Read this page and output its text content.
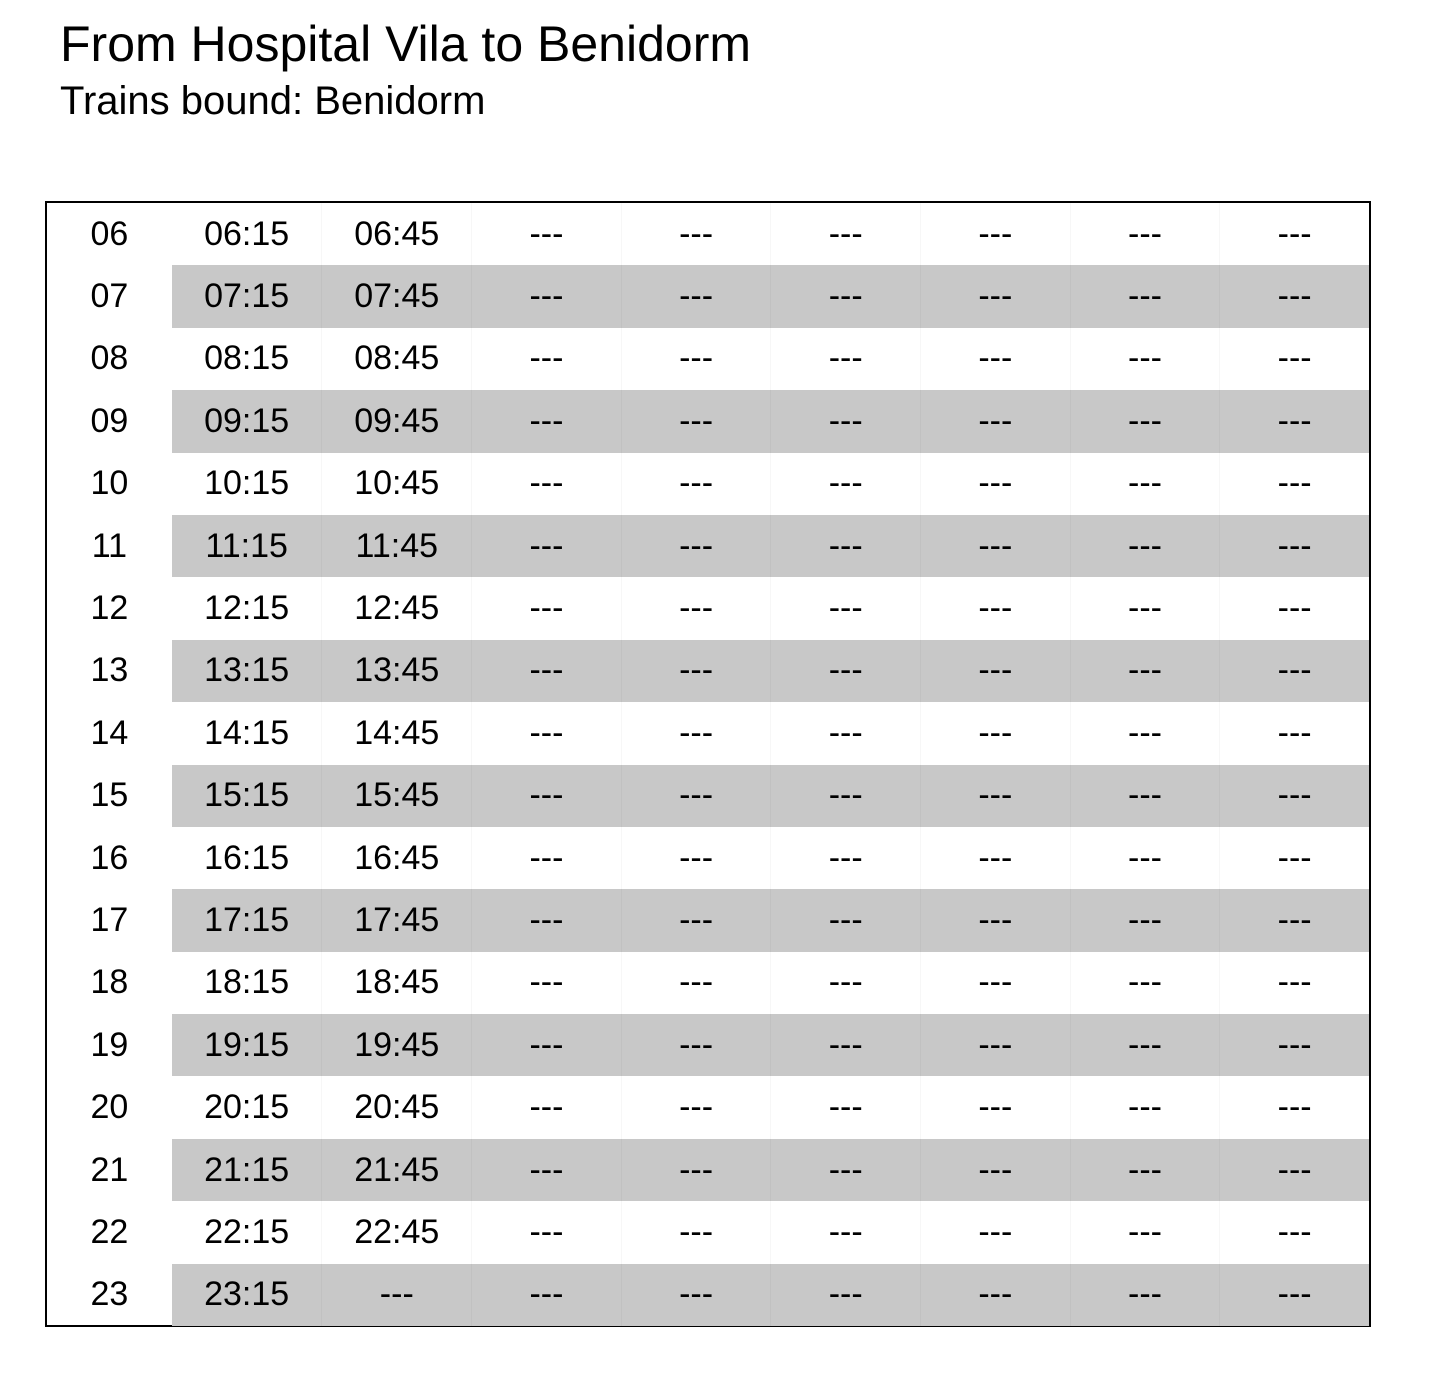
From Hospital Vila to Benidorm
Trains bound: Benidorm
06	06:15	06:45	---	---	---	---	---	---
07	07:15	07:45	---	---	---	---	---	---
08	08:15	08:45	---	---	---	---	---	---
09	09:15	09:45	---	---	---	---	---	---
10	10:15	10:45	---	---	---	---	---	---
11	11:15	11:45	---	---	---	---	---	---
12	12:15	12:45	---	---	---	---	---	---
13	13:15	13:45	---	---	---	---	---	---
14	14:15	14:45	---	---	---	---	---	---
15	15:15	15:45	---	---	---	---	---	---
16	16:15	16:45	---	---	---	---	---	---
17	17:15	17:45	---	---	---	---	---	---
18	18:15	18:45	---	---	---	---	---	---
19	19:15	19:45	---	---	---	---	---	---
20	20:15	20:45	---	---	---	---	---	---
21	21:15	21:45	---	---	---	---	---	---
22	22:15	22:45	---	---	---	---	---	---
23	23:15	---	---	---	---	---	---	---
